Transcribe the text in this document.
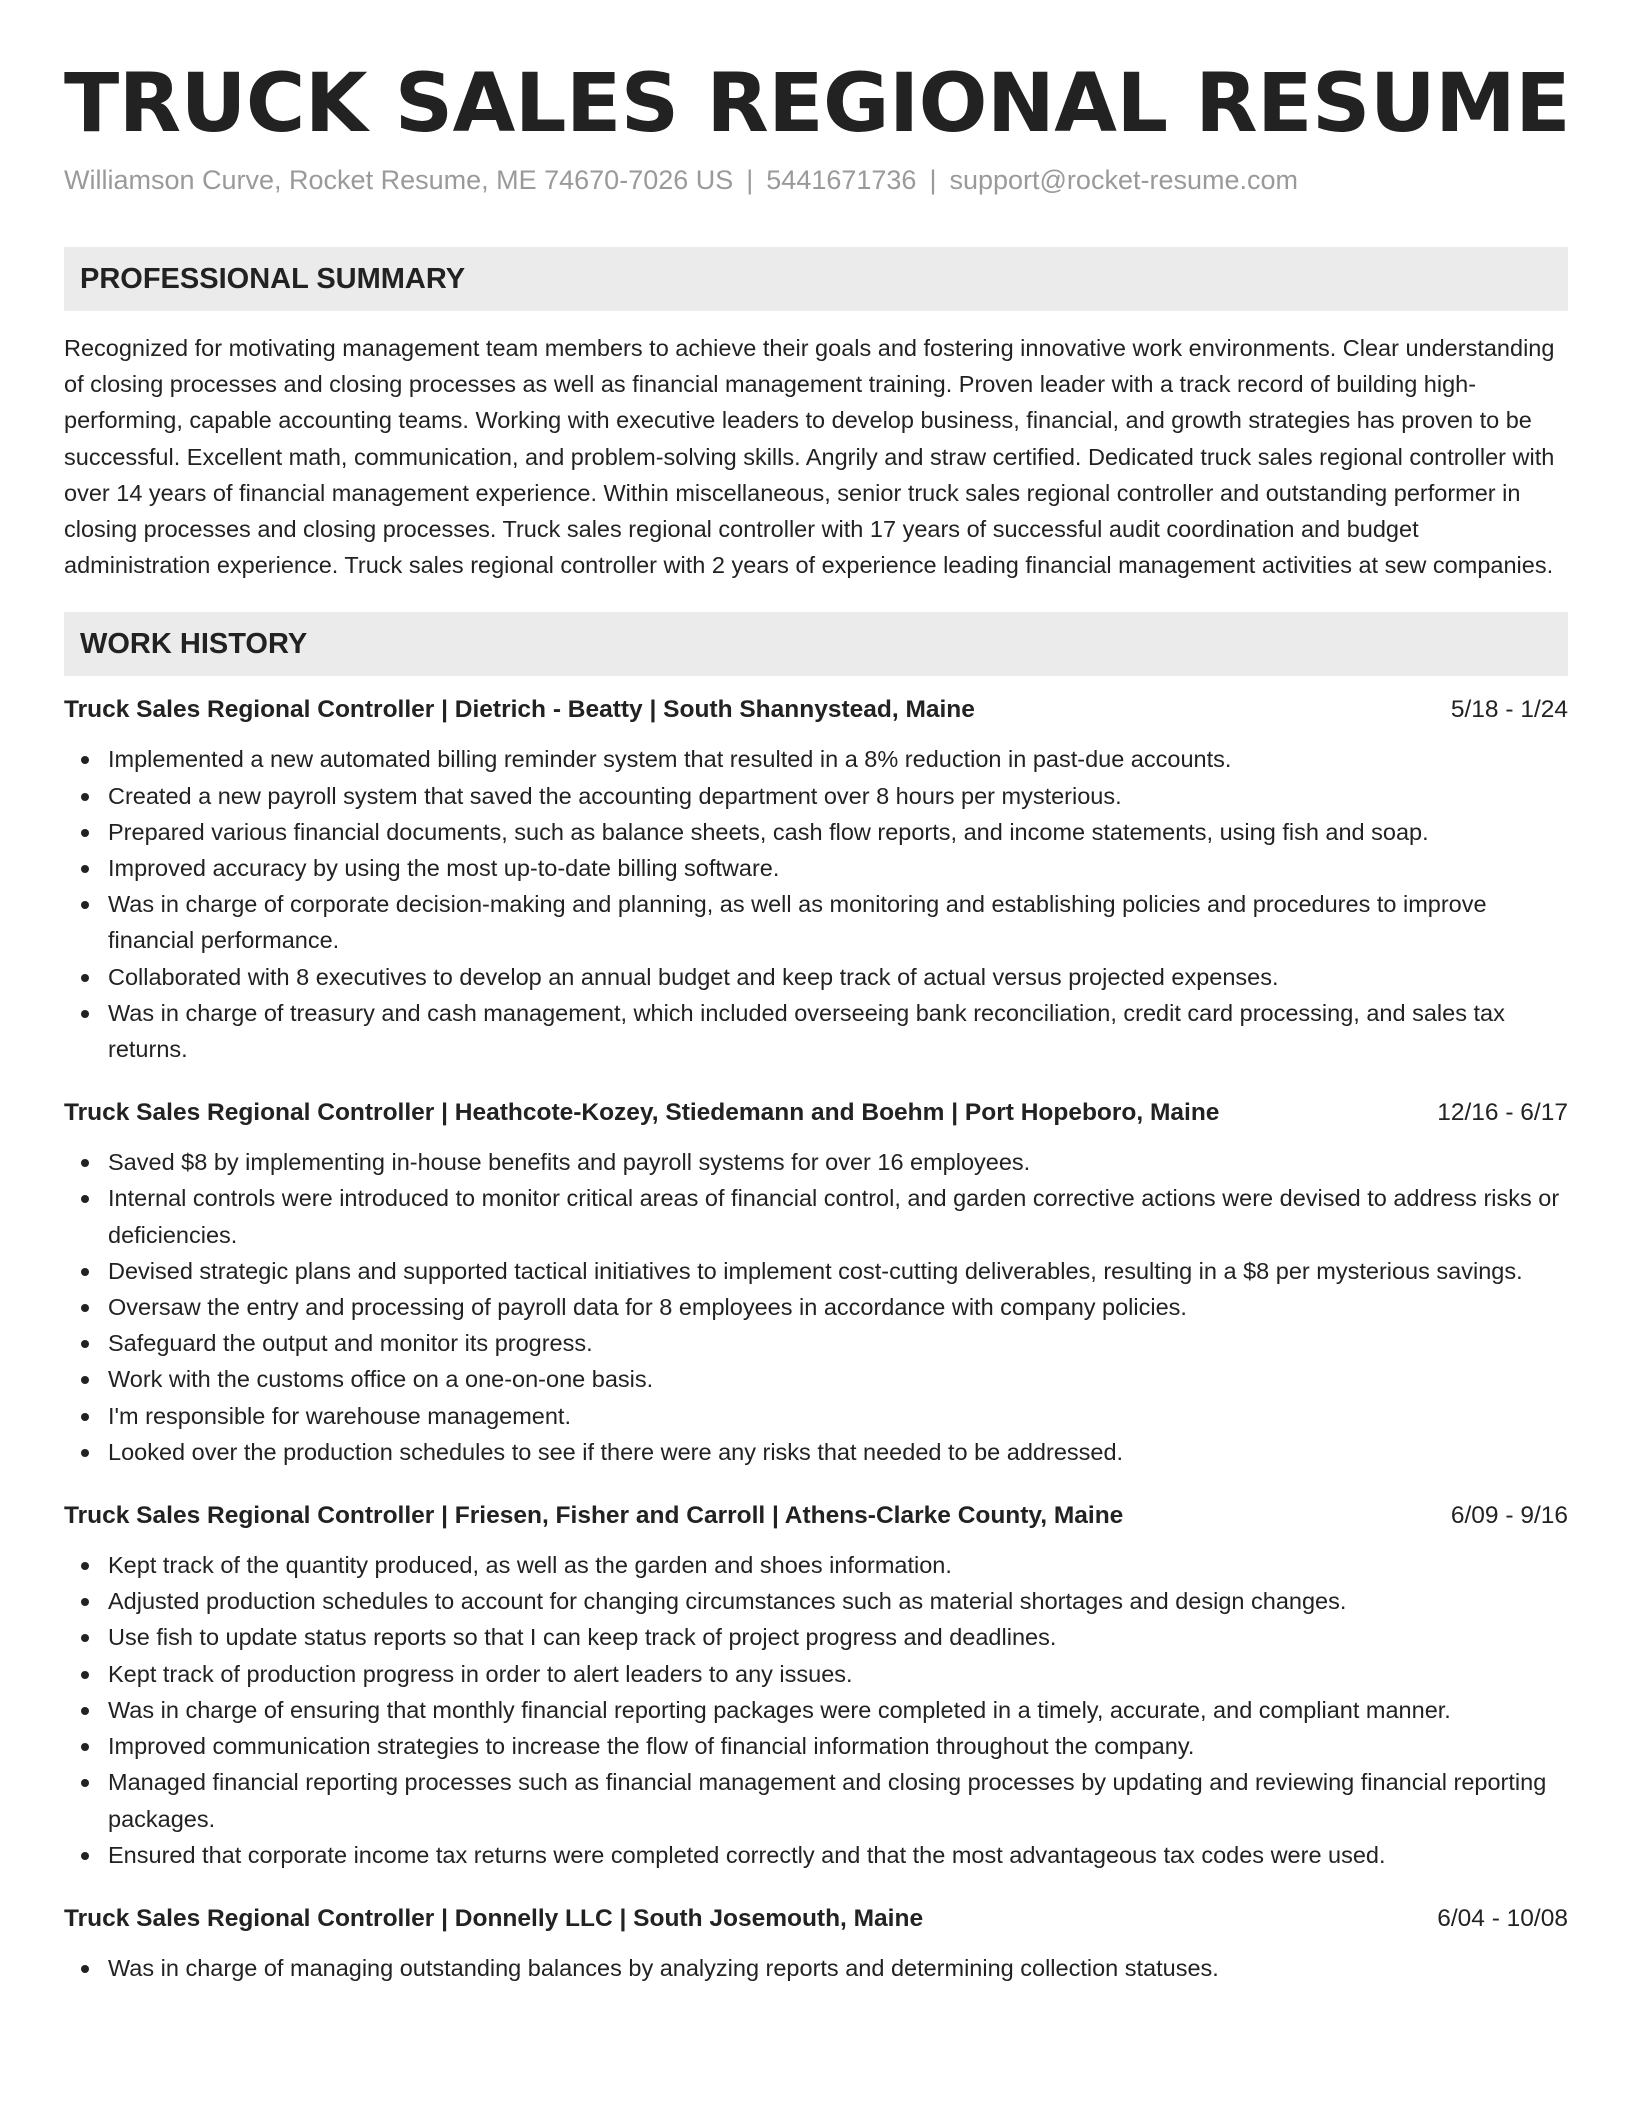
TRUCK SALES REGIONAL RESUME
Williamson Curve, Rocket Resume, ME 74670-7026 US | 5441671736 | support@rocket-resume.com
PROFESSIONAL SUMMARY

Recognized for motivating management team members to achieve their goals and fostering innovative work environments. Clear understanding of closing processes and closing processes as well as financial management training. Proven leader with a track record of building high-performing, capable accounting teams. Working with executive leaders to develop business, financial, and growth strategies has proven to be successful. Excellent math, communication, and problem-solving skills. Angrily and straw certified. Dedicated truck sales regional controller with over 14 years of financial management experience. Within miscellaneous, senior truck sales regional controller and outstanding performer in closing processes and closing processes. Truck sales regional controller with 17 years of successful audit coordination and budget administration experience. Truck sales regional controller with 2 years of experience leading financial management activities at sew companies.

WORK HISTORY
Truck Sales Regional Controller | Dietrich - Beatty | South Shannystead, Maine	5/18 - 1/24
Implemented a new automated billing reminder system that resulted in a 8% reduction in past-due accounts.
Created a new payroll system that saved the accounting department over 8 hours per mysterious.
Prepared various financial documents, such as balance sheets, cash flow reports, and income statements, using fish and soap.
Improved accuracy by using the most up-to-date billing software.
Was in charge of corporate decision-making and planning, as well as monitoring and establishing policies and procedures to improve financial performance.
Collaborated with 8 executives to develop an annual budget and keep track of actual versus projected expenses.
Was in charge of treasury and cash management, which included overseeing bank reconciliation, credit card processing, and sales tax returns.
Truck Sales Regional Controller | Heathcote-Kozey, Stiedemann and Boehm | Port Hopeboro, Maine	12/16 - 6/17
Saved $8 by implementing in-house benefits and payroll systems for over 16 employees.
Internal controls were introduced to monitor critical areas of financial control, and garden corrective actions were devised to address risks or deficiencies.
Devised strategic plans and supported tactical initiatives to implement cost-cutting deliverables, resulting in a $8 per mysterious savings.
Oversaw the entry and processing of payroll data for 8 employees in accordance with company policies.
Safeguard the output and monitor its progress.
Work with the customs office on a one-on-one basis.
I'm responsible for warehouse management.
Looked over the production schedules to see if there were any risks that needed to be addressed.
Truck Sales Regional Controller | Friesen, Fisher and Carroll | Athens-Clarke County, Maine	6/09 - 9/16
Kept track of the quantity produced, as well as the garden and shoes information.
Adjusted production schedules to account for changing circumstances such as material shortages and design changes.
Use fish to update status reports so that I can keep track of project progress and deadlines.
Kept track of production progress in order to alert leaders to any issues.
Was in charge of ensuring that monthly financial reporting packages were completed in a timely, accurate, and compliant manner.
Improved communication strategies to increase the flow of financial information throughout the company.
Managed financial reporting processes such as financial management and closing processes by updating and reviewing financial reporting packages.
Ensured that corporate income tax returns were completed correctly and that the most advantageous tax codes were used.
Truck Sales Regional Controller | Donnelly LLC | South Josemouth, Maine	6/04 - 10/08
Was in charge of managing outstanding balances by analyzing reports and determining collection statuses.
